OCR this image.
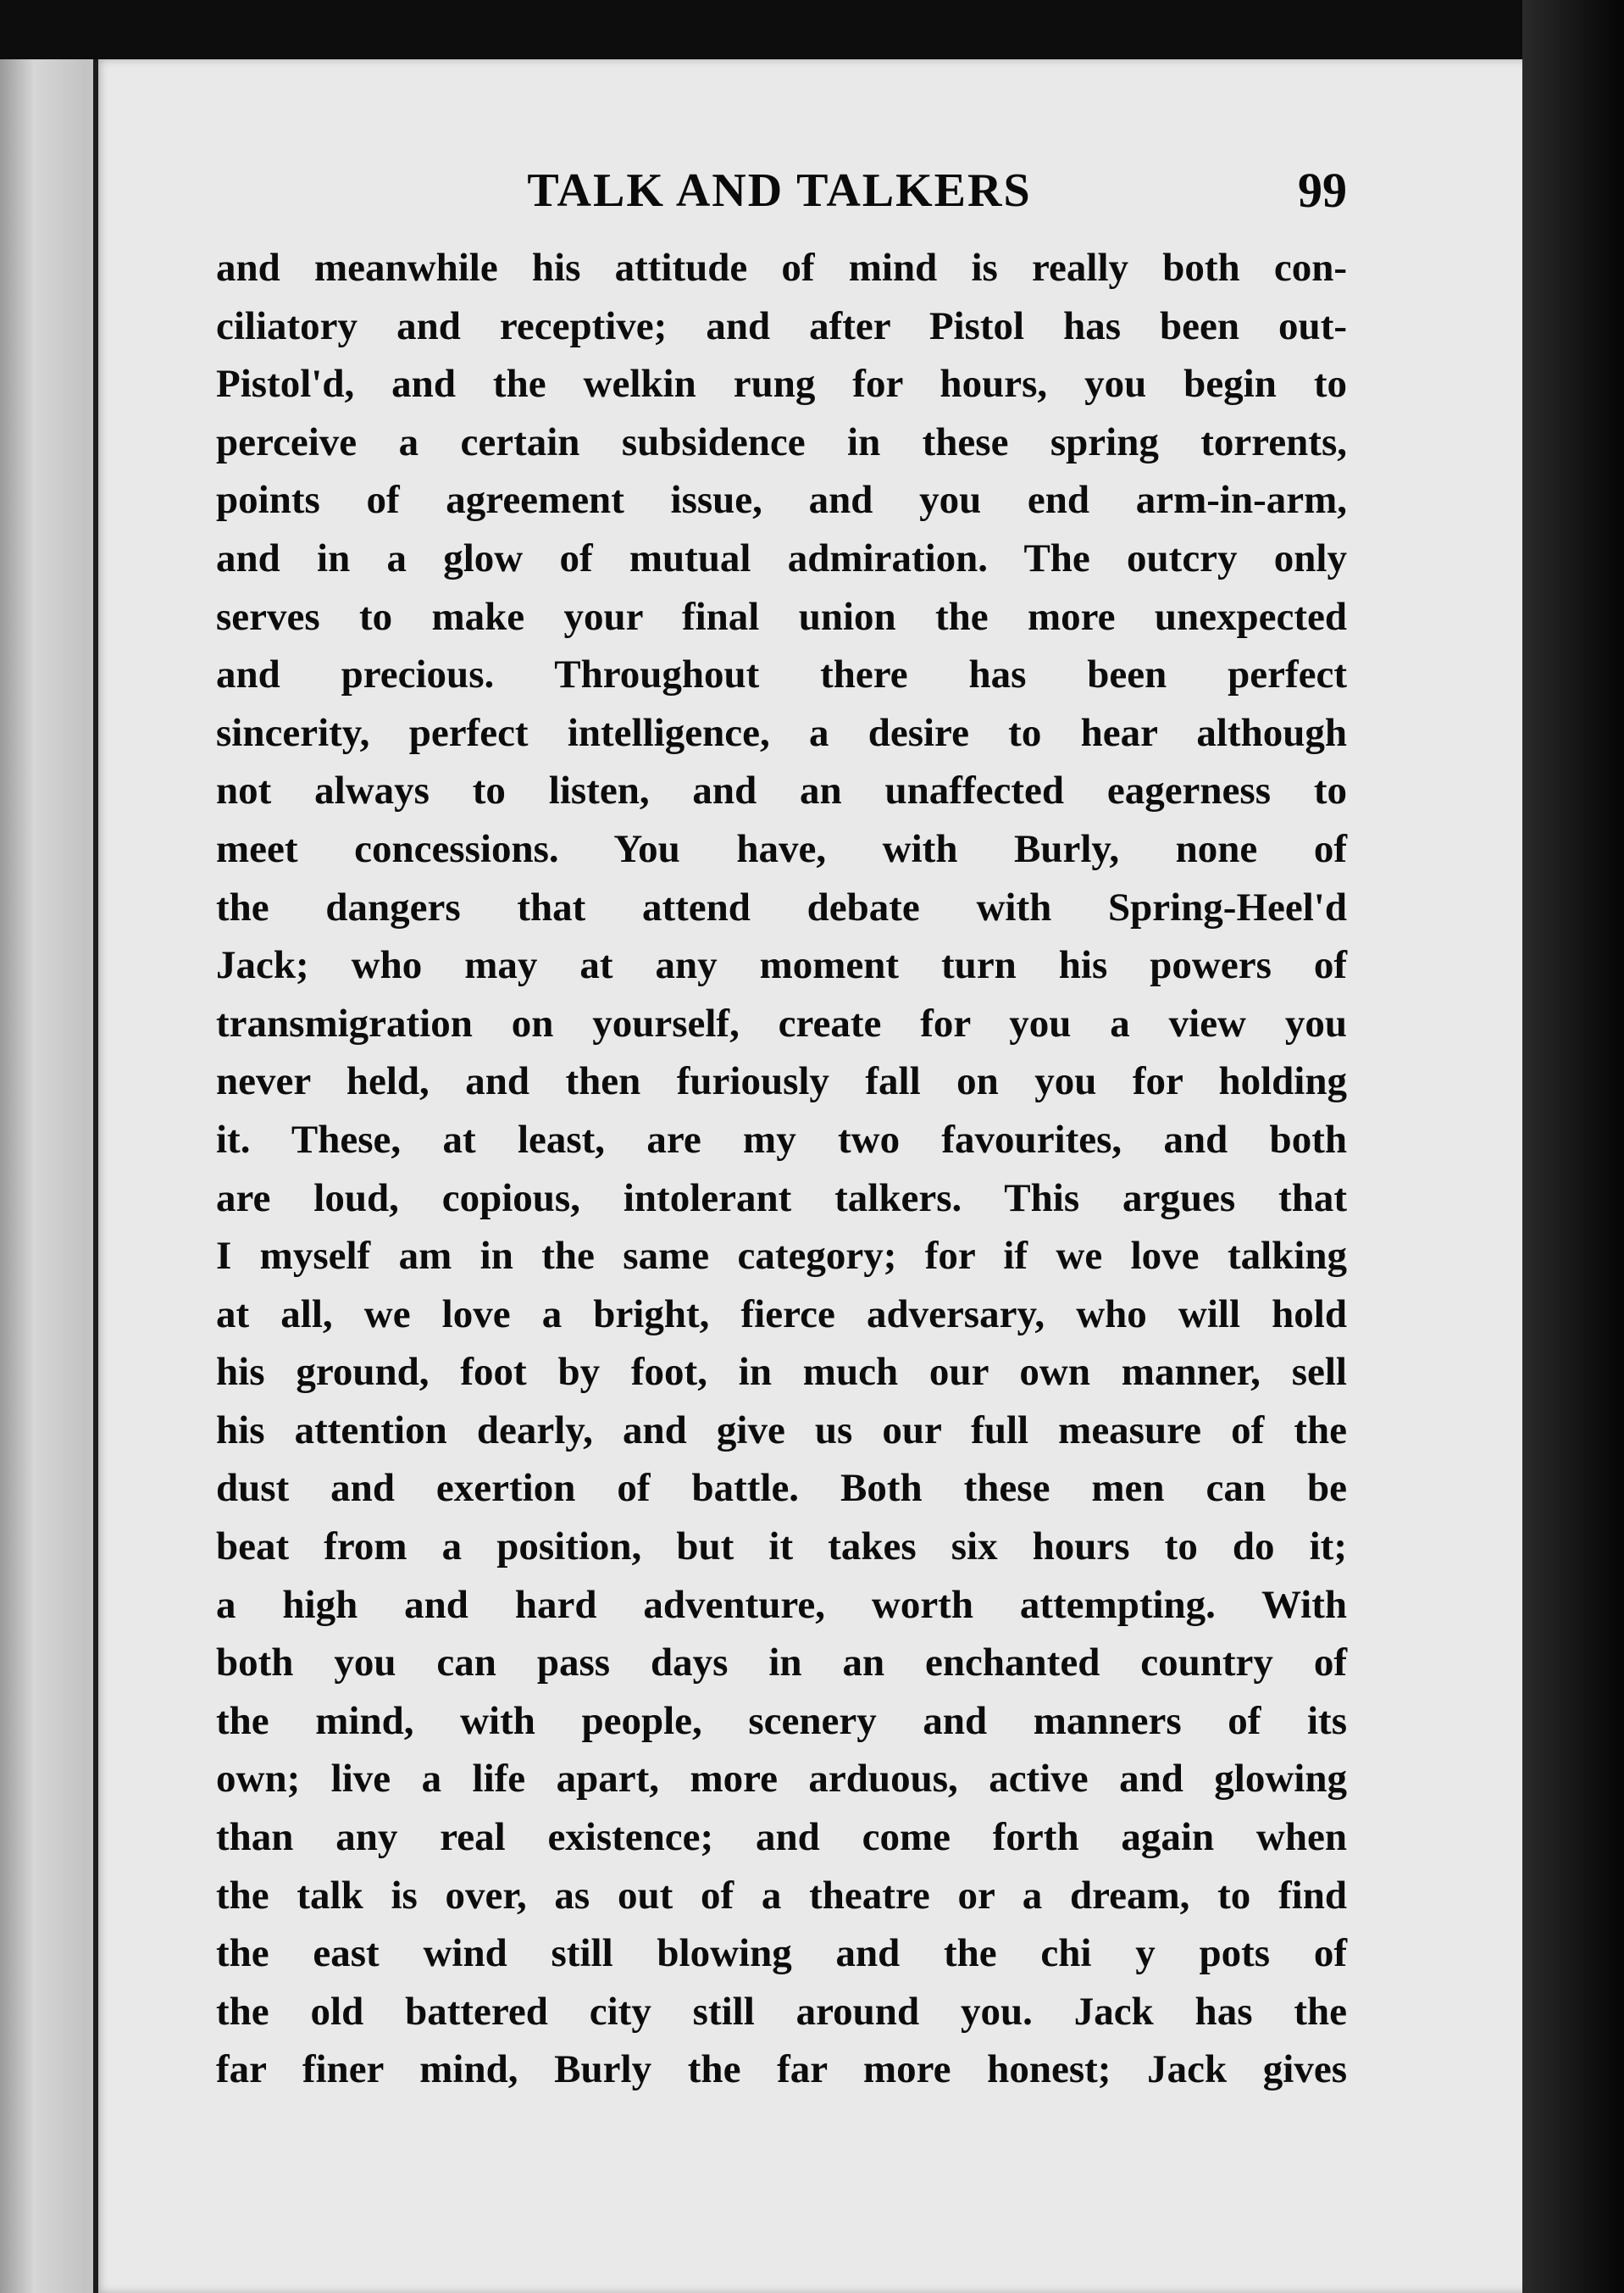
TALK AND TALKERS	99
and meanwhile his attitude of mind is really both con-
ciliatory and receptive; and after Pistol has been out-
Pistol'd, and the welkin rung for hours, you begin to
perceive a certain subsidence in these spring torrents,
points of agreement issue, and you end arm-in-arm,
and in a glow of mutual admiration. The outcry only
serves to make your final union the more unexpected
and precious. Throughout there has been perfect
sincerity, perfect intelligence, a desire to hear although
not always to listen, and an unaffected eagerness to
meet concessions. You have, with Burly, none of
the dangers that attend debate with Spring-Heel'd
Jack; who may at any moment turn his powers of
transmigration on yourself, create for you a view you
never held, and then furiously fall on you for holding
it. These, at least, are my two favourites, and both
are loud, copious, intolerant talkers. This argues that
I myself am in the same category; for if we love talking
at all, we love a bright, fierce adversary, who will hold
his ground, foot by foot, in much our own manner, sell
his attention dearly, and give us our full measure of the
dust and exertion of battle. Both these men can be
beat from a position, but it takes six hours to do it;
a high and hard adventure, worth attempting. With
both you can pass days in an enchanted country of
the mind, with people, scenery and manners of its
own; live a life apart, more arduous, active and glowing
than any real existence; and come forth again when
the talk is over, as out of a theatre or a dream, to find
the east wind still blowing and the chi y pots of
the old battered city still around you. Jack has the
far finer mind, Burly the far more honest; Jack gives
